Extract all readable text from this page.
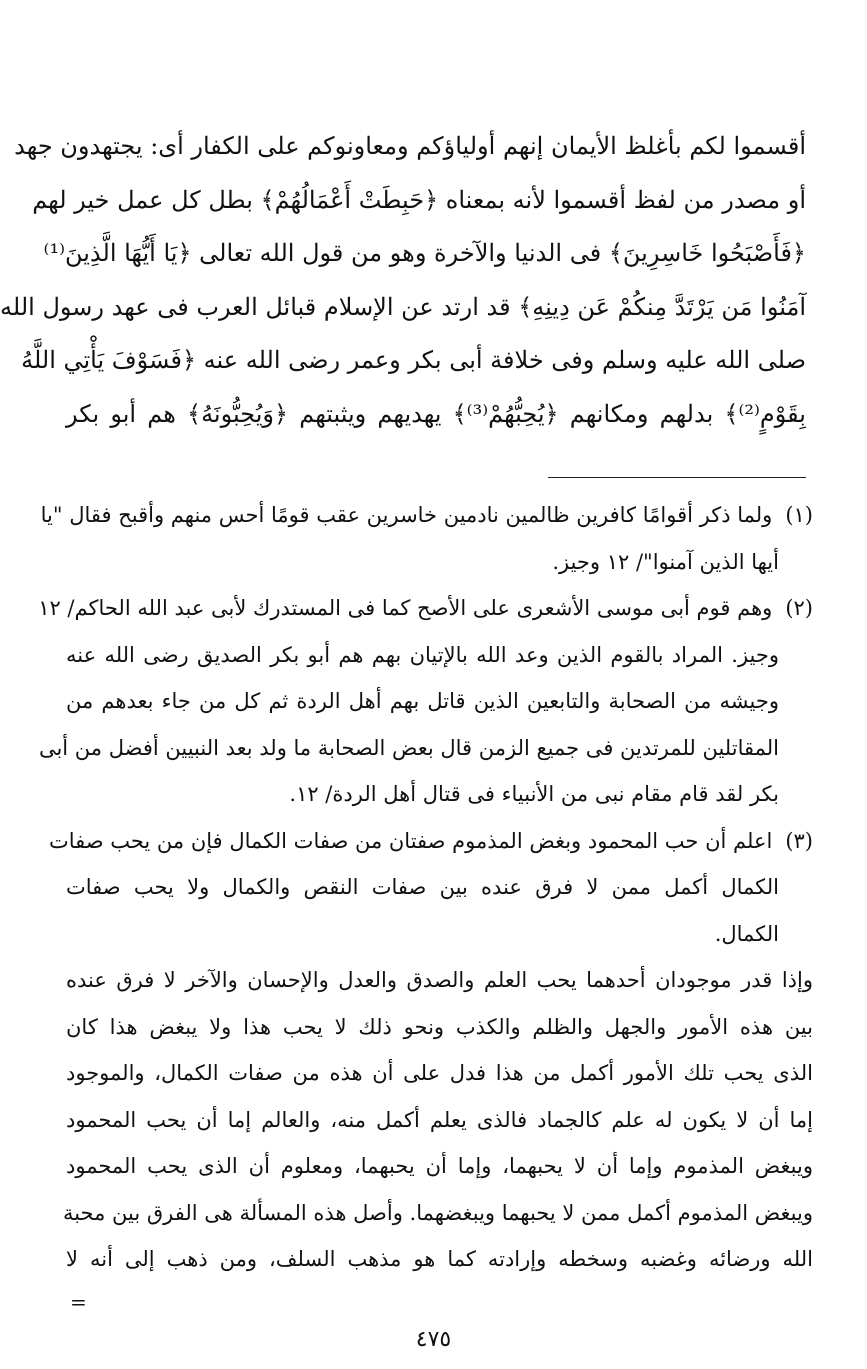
أقسموا لكم بأغلظ الأيمان إنهم أولياؤكم ومعاونوكم على الكفار أى: يجتهدون جهد
أو مصدر من لفظ أقسموا لأنه بمعناه ﴿حَبِطَتْ أَعْمَالُهُمْ﴾ بطل كل عمل خير لهم
﴿فَأَصْبَحُوا خَاسِرِينَ﴾ فى الدنيا والآخرة وهو من قول الله تعالى ﴿يَا أَيُّهَا الَّذِينَ⁽¹⁾
آمَنُوا مَن يَرْتَدَّ مِنكُمْ عَن دِينِهِ﴾ قد ارتد عن الإسلام قبائل العرب فى عهد رسول الله
صلى الله عليه وسلم وفى خلافة أبى بكر وعمر رضى الله عنه ﴿فَسَوْفَ يَأْتِي اللَّهُ
بِقَوْمٍ⁽²⁾﴾ بدلهم ومكانهم ﴿يُحِبُّهُمْ⁽³⁾﴾ يهديهم ويثبتهم ﴿وَيُحِبُّونَهُ﴾ هم أبو بكر
(١) ولما ذكر أقوامًا كافرين ظالمين نادمين خاسرين عقب قومًا أحس منهم وأقبح فقال "يا
أيها الذين آمنوا"/ ١٢ وجيز.
(٢) وهم قوم أبى موسى الأشعرى على الأصح كما فى المستدرك لأبى عبد الله الحاكم/ ١٢
وجيز. المراد بالقوم الذين وعد الله بالإتيان بهم هم أبو بكر الصديق رضى الله عنه
وجيشه من الصحابة والتابعين الذين قاتل بهم أهل الردة ثم كل من جاء بعدهم من
المقاتلين للمرتدين فى جميع الزمن قال بعض الصحابة ما ولد بعد النبيين أفضل من أبى
بكر لقد قام مقام نبى من الأنبياء فى قتال أهل الردة/ ١٢.
(٣) اعلم أن حب المحمود وبغض المذموم صفتان من صفات الكمال فإن من يحب صفات
الكمال أكمل ممن لا فرق عنده بين صفات النقص والكمال ولا يحب صفات
الكمال.
وإذا قدر موجودان أحدهما يحب العلم والصدق والعدل والإحسان والآخر لا فرق عنده
بين هذه الأمور والجهل والظلم والكذب ونحو ذلك لا يحب هذا ولا يبغض هذا كان
الذى يحب تلك الأمور أكمل من هذا فدل على أن هذه من صفات الكمال، والموجود
إما أن لا يكون له علم كالجماد فالذى يعلم أكمل منه، والعالم إما أن يحب المحمود
ويبغض المذموم وإما أن لا يحبهما، وإما أن يحبهما، ومعلوم أن الذى يحب المحمود
ويبغض المذموم أكمل ممن لا يحبهما ويبغضهما. وأصل هذه المسألة هى الفرق بين محبة
الله ورضائه وغضبه وسخطه وإرادته كما هو مذهب السلف، ومن ذهب إلى أنه لا
=
٤٧٥
